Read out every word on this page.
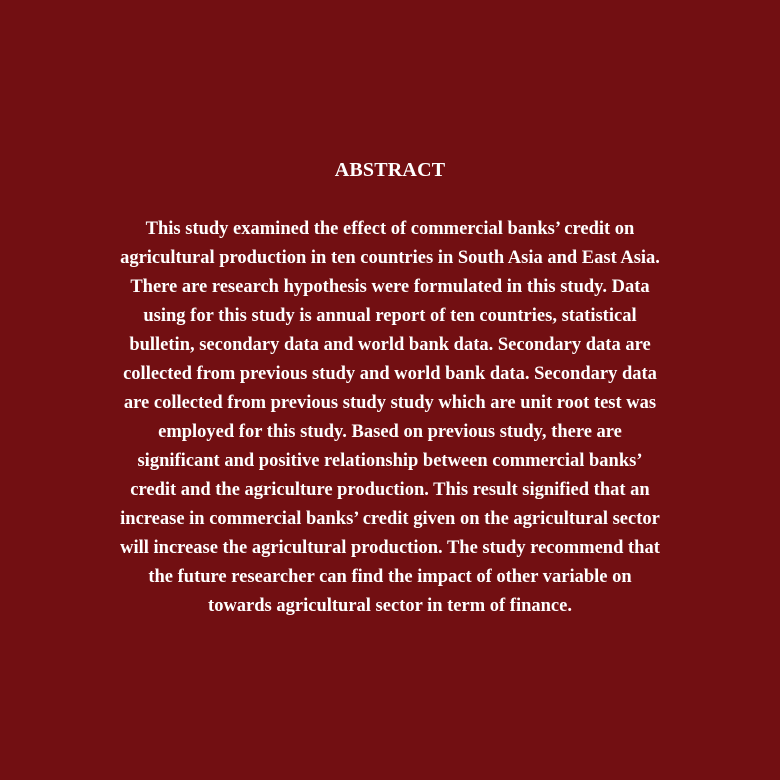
ABSTRACT
This study examined the effect of commercial banks’ credit on
agricultural production in ten countries in South Asia and East Asia.
There are research hypothesis were formulated in this study. Data
using for this study is annual report of ten countries, statistical
bulletin, secondary data and world bank data. Secondary data are
collected from previous study and world bank data. Secondary data
are collected from previous study study which are unit root test was
employed for this study. Based on previous study, there are
significant and positive relationship between commercial banks’
credit and the agriculture production. This result signified that an
increase in commercial banks’ credit given on the agricultural sector
will increase the agricultural production. The study recommend that
the future researcher can find the impact of other variable on
towards agricultural sector in term of finance.
